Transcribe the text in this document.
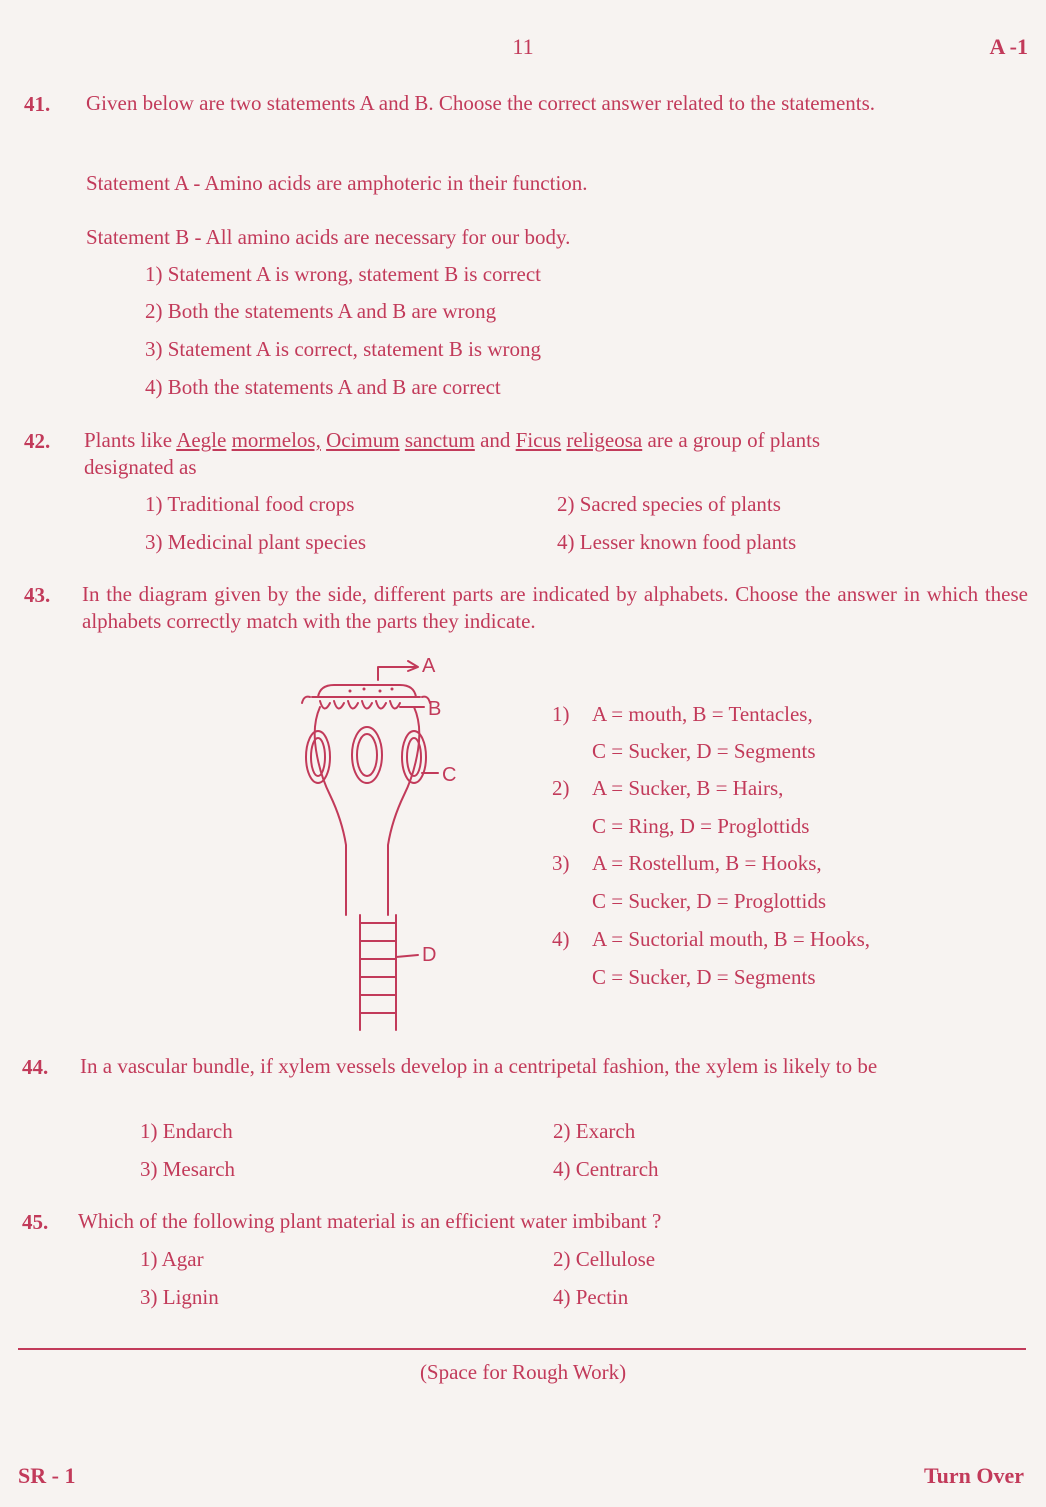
11	A -1
41. Given below are two statements A and B. Choose the correct answer related to the statements.
Statement A - Amino acids are amphoteric in their function.
Statement B - All amino acids are necessary for our body.
1) Statement A is wrong, statement B is correct
2) Both the statements A and B are wrong
3) Statement A is correct, statement B is wrong
4) Both the statements A and B are correct
42. Plants like Aegle mormelos, Ocimum sanctum and Ficus religeosa are a group of plants
designated as
1) Traditional food crops	2) Sacred species of plants
3) Medicinal plant species	4) Lesser known food plants
43. In the diagram given by the side, different parts are indicated by alphabets. Choose the answer in which these alphabets correctly match with the parts they indicate.
A
B
C
D
1) A = mouth, B = Tentacles,
C = Sucker, D = Segments
2) A = Sucker, B = Hairs,
C = Ring, D = Proglottids
3) A = Rostellum, B = Hooks,
C = Sucker, D = Proglottids
4) A = Suctorial mouth, B = Hooks,
C = Sucker, D = Segments
44. In a vascular bundle, if xylem vessels develop in a centripetal fashion, the xylem is likely to be
1) Endarch	2) Exarch
3) Mesarch	4) Centrarch
45. Which of the following plant material is an efficient water imbibant ?
1) Agar	2) Cellulose
3) Lignin	4) Pectin
(Space for Rough Work)
SR - 1	Turn Over
